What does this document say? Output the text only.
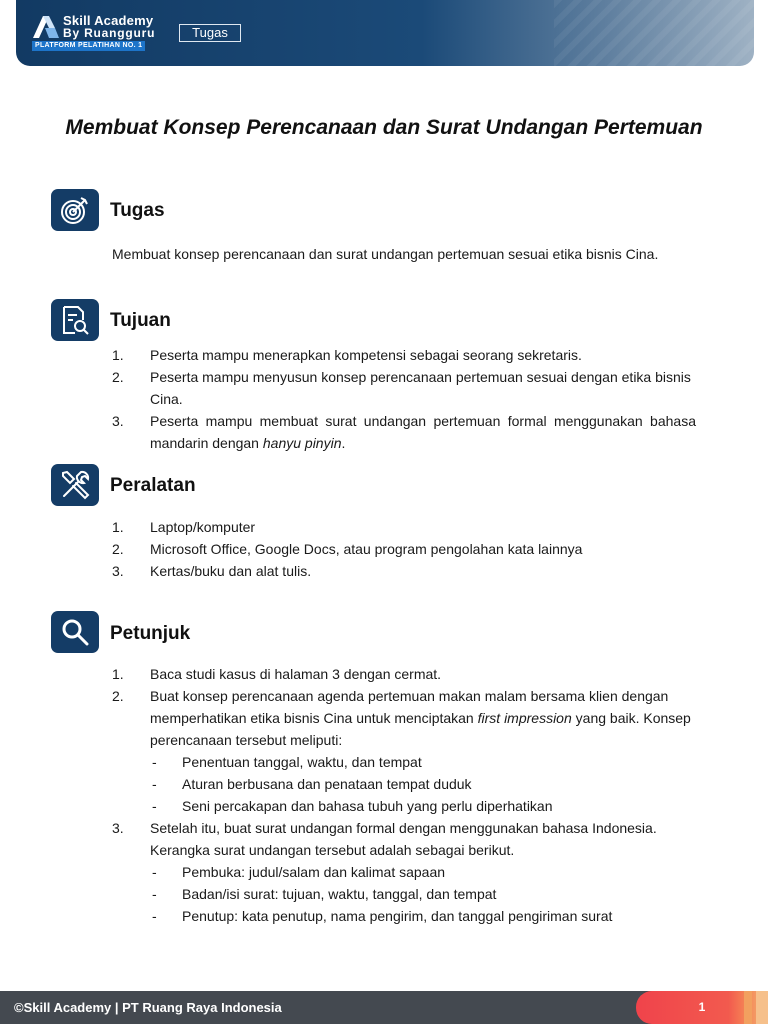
Skill Academy
By Ruangguru
PLATFORM PELATIHAN NO. 1
Tugas
Membuat Konsep Perencanaan dan Surat Undangan Pertemuan
Tugas
Membuat konsep perencanaan dan surat undangan pertemuan sesuai etika bisnis Cina.
Tujuan
1. Peserta mampu menerapkan kompetensi sebagai seorang sekretaris.
2. Peserta mampu menyusun konsep perencanaan pertemuan sesuai dengan etika bisnis Cina.
3. Peserta mampu membuat surat undangan pertemuan formal menggunakan bahasa mandarin dengan hanyu pinyin.
Peralatan
1. Laptop/komputer
2. Microsoft Office, Google Docs, atau program pengolahan kata lainnya
3. Kertas/buku dan alat tulis.
Petunjuk
1. Baca studi kasus di halaman 3 dengan cermat.
2. Buat konsep perencanaan agenda pertemuan makan malam bersama klien dengan memperhatikan etika bisnis Cina untuk menciptakan first impression yang baik. Konsep perencanaan tersebut meliputi:
- Penentuan tanggal, waktu, dan tempat
- Aturan berbusana dan penataan tempat duduk
- Seni percakapan dan bahasa tubuh yang perlu diperhatikan
3. Setelah itu, buat surat undangan formal dengan menggunakan bahasa Indonesia. Kerangka surat undangan tersebut adalah sebagai berikut.
- Pembuka: judul/salam dan kalimat sapaan
- Badan/isi surat: tujuan, waktu, tanggal, dan tempat
- Penutup: kata penutup, nama pengirim, dan tanggal pengiriman surat
©Skill Academy | PT Ruang Raya Indonesia	1
